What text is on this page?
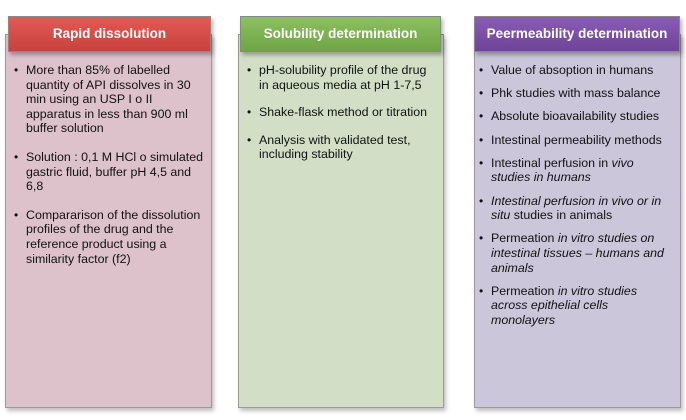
Rapid dissolution
• More than 85% of labelled quantity of API dissolves in 30 min using an USP I o II apparatus in less than 900 ml buffer solution
• Solution : 0,1 M HCl o simulated gastric fluid, buffer pH 4,5 and 6,8
• Compararison of the dissolution profiles of the drug and the reference product using a similarity factor (f2)
Solubility determination
• pH-solubility profile of the drug in aqueous media at pH 1-7,5
• Shake-flask method or titration
• Analysis with validated test, including stability
Peermeability determination
• Value of absoption in humans
• Phk studies with mass balance
• Absolute bioavailability studies
• Intestinal permeability methods
• Intestinal perfusion in vivo studies in humans
• Intestinal perfusion in vivo or in situ studies in animals
• Permeation in vitro studies on intestinal tissues – humans and animals
• Permeation in vitro studies across epithelial cells monolayers
